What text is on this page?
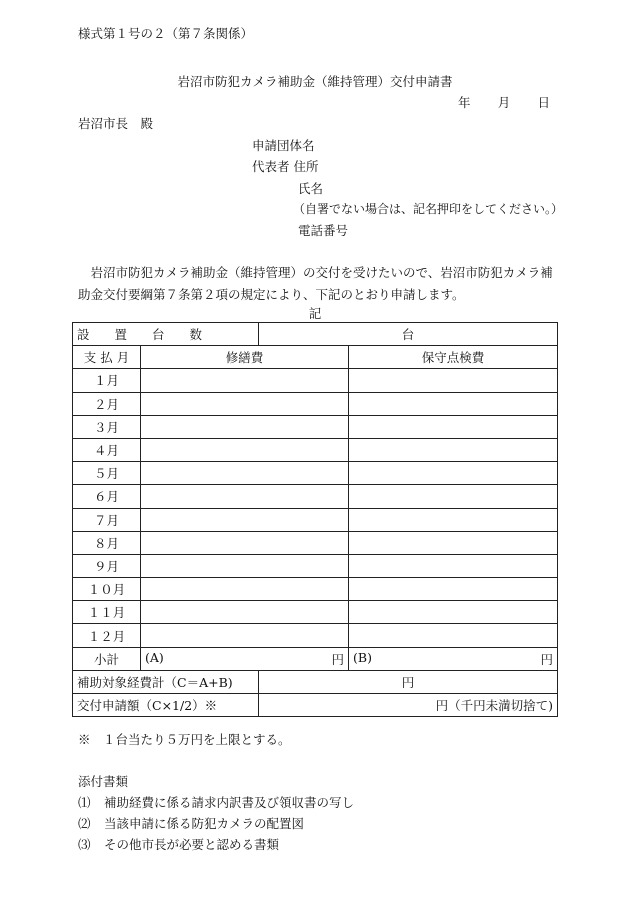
様式第１号の２（第７条関係）
岩沼市防犯カメラ補助金（維持管理）交付申請書
年 月 日
岩沼市長　殿
申請団体名
代表者 住所
氏名
（自署でない場合は、記名押印をしてください。）
電話番号
岩沼市防犯カメラ補助金（維持管理）の交付を受けたいので、岩沼市防犯カメラ補助金交付要綱第７条第２項の規定により、下記のとおり申請します。
記
設　　置　　台　　数		台	
支 払 月	修繕費		保守点検費
１月			
２月			
３月			
４月			
５月			
６月			
７月			
８月			
９月			
１０月			
１１月			
１２月			
小計	(A) 円		(B) 円

補助対象経費計（C＝A+B)		円	
交付申請額（C×1/2）※		円（千円未満切捨て)	
※　１台当たり５万円を上限とする。
添付書類
⑴ 補助経費に係る請求内訳書及び領収書の写し
⑵ 当該申請に係る防犯カメラの配置図
⑶ その他市長が必要と認める書類
